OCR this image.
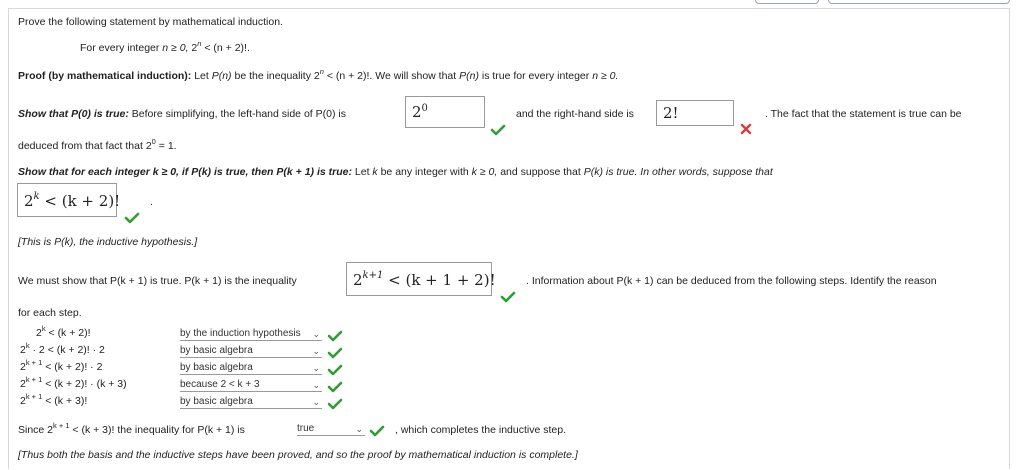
Prove the following statement by mathematical induction.
For every integer n ≥ 0, $2^n < (n + 2)$!.
Proof (by mathematical induction): Let P(n) be the inequality $2^n < (n + 2)$!. We will show that P(n) is true for every integer n ≥ 0.
Show that P(0) is true: Before simplifying, the left-hand side of P(0) is	$2^0$	and the right-hand side is	2!	. The fact that the statement is true can be
deduced from that fact that $2^0 = 1$.
Show that for each integer k ≥ 0, if P(k) is true, then P(k + 1) is true: Let k be any integer with k ≥ 0, and suppose that P(k) is true. In other words, suppose that
$2^k < (k + 2)$!	.
[This is P(k), the inductive hypothesis.]
We must show that P(k + 1) is true. P(k + 1) is the inequality	$2^{k+1} < (k + 1 + 2)$!	. Information about P(k + 1) can be deduced from the following steps. Identify the reason
for each step.
$2^k < (k + 2)$!	by the induction hypothesis ⌄
$2^k \cdot 2 < (k + 2)$! · 2	by basic algebra	⌄
$2^{k + 1} < (k + 2)$! · 2	by basic algebra	⌄
$2^{k + 1} < (k + 2)$! · (k + 3)	because 2 < k + 3	⌄
$2^{k + 1} < (k + 3)$!	by basic algebra	⌄
Since $2^{k + 1} < (k + 3)$! the inequality for P(k + 1) is	true	⌄	, which completes the inductive step.
[Thus both the basis and the inductive steps have been proved, and so the proof by mathematical induction is complete.]
